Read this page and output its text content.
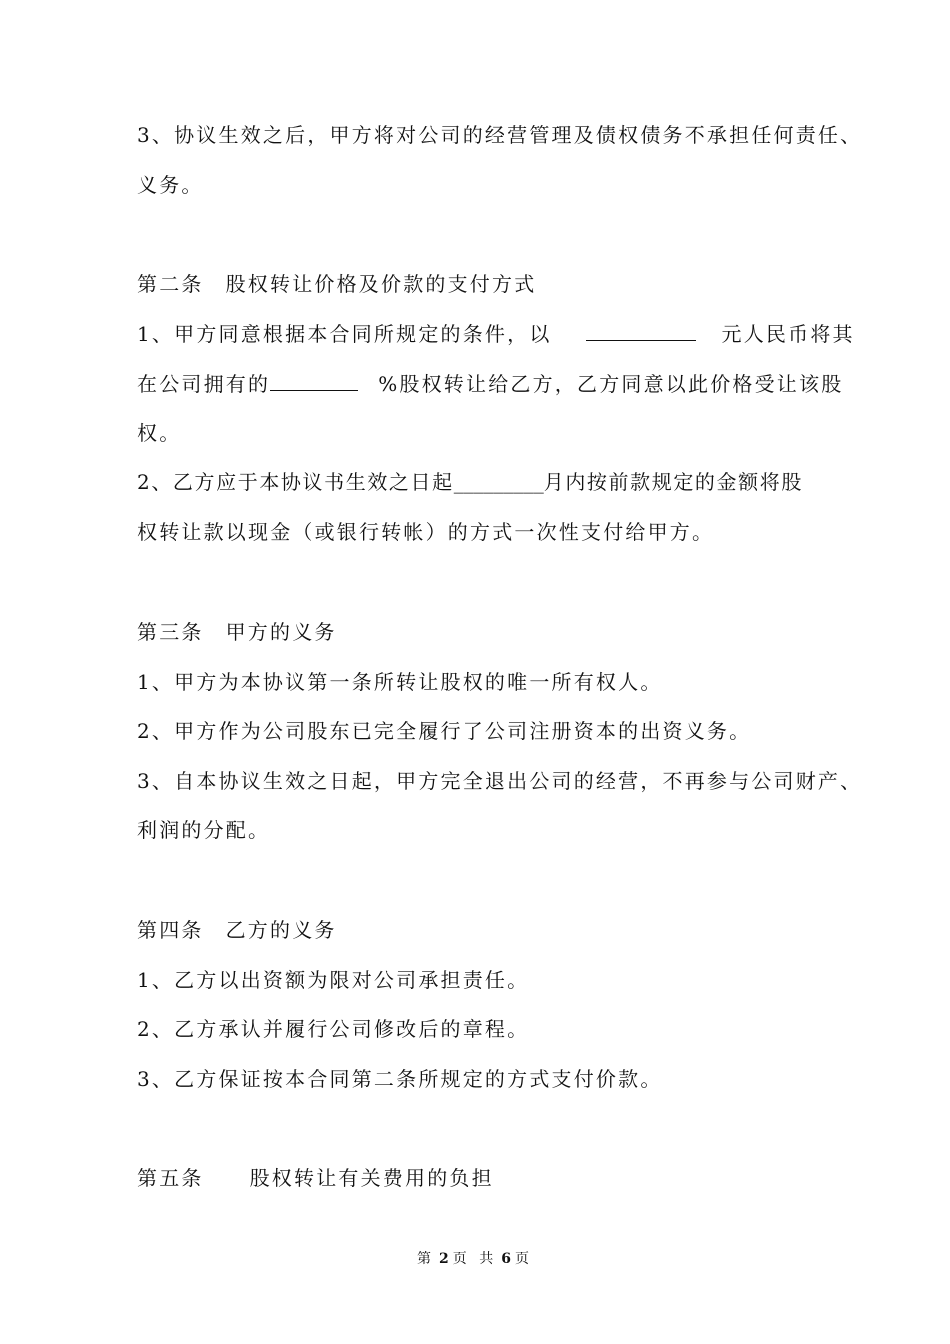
3、协议生效之后，甲方将对公司的经营管理及债权债务不承担任何责任、
义务。
第二条 股权转让价格及价款的支付方式
1、甲方同意根据本合同所规定的条件，以	元人民币将其
在公司拥有的	%股权转让给乙方，乙方同意以此价格受让该股
权。
2、乙方应于本协议书生效之日起_________月内按前款规定的金额将股
权转让款以现金（或银行转帐）的方式一次性支付给甲方。
第三条 甲方的义务
1、甲方为本协议第一条所转让股权的唯一所有权人。
2、甲方作为公司股东已完全履行了公司注册资本的出资义务。
3、自本协议生效之日起，甲方完全退出公司的经营，不再参与公司财产、
利润的分配。
第四条 乙方的义务
1、乙方以出资额为限对公司承担责任。
2、乙方承认并履行公司修改后的章程。
3、乙方保证按本合同第二条所规定的方式支付价款。
第五条 股权转让有关费用的负担
第 2 页 共 6 页
